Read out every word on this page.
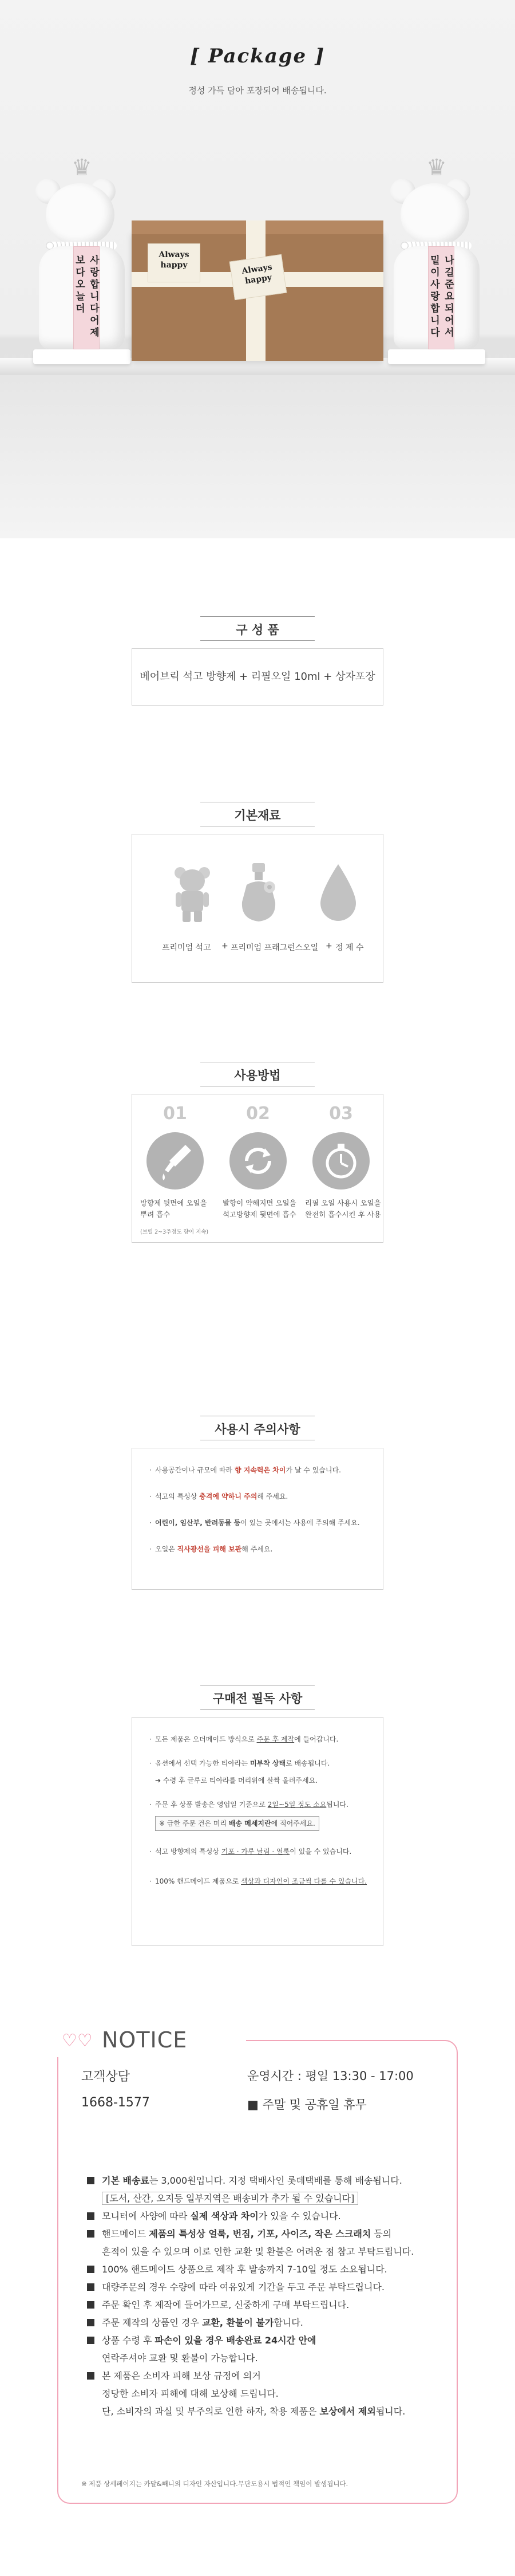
[ Package ]
정성 가득 담아 포장되어 배송됩니다.
♛
사랑합니다어제보다오늘더
♛
나길준요되어서밑이사랑합니다
Always happy	Always happy
구 성 품
베어브릭 석고 방향제 + 리필오일 10ml + 상자포장
기본재료
프리미엄 석고 + 프리미엄 프래그런스오일 + 정 제 수
사용방법
01	02	03
방향제 뒷면에 오일을
뿌려 흡수
(브릴 2~3주정도 향이 지속)
발향이 약해지면 오일을
석고방향제 뒷면에 흡수
리필 오일 사용시 오일을
완전히 흡수시킨 후 사용
사용시 주의사항
· 사용공간이나 규모에 따라 향 지속력은 차이가 날 수 있습니다.
· 석고의 특성상 충격에 약하니 주의해 주세요.
· 어린이, 임산부, 반려동물 등이 있는 곳에서는 사용에 주의해 주세요.
· 오일은 직사광선을 피해 보관해 주세요.
구매전 필독 사항
· 모든 제품은 오더메이드 방식으로 주문 후 제작에 들어갑니다.
· 옵션에서 선택 가능한 티아라는 미부착 상태로 배송됩니다.
➔ 수령 후 글루로 티아라를 머리위에 살짝 올려주세요.
· 주문 후 상품 발송은 영업일 기준으로 2일~5일 정도 소요됩니다.
※ 급한 주문 건은 미리 배송 메세지란에 적어주세요.
· 석고 방향제의 특성상 기포 · 가루 날림 · 얼룩이 있을 수 있습니다.
· 100% 핸드메이드 제품으로 색상과 디자인이 조금씩 다를 수 있습니다.
고객상담
1668-1577
운영시간 : 평일 13:30 - 17:00
■ 주말 및 공휴일 휴무
기본 배송료는 3,000원입니다. 지정 택배사인 롯데택배를 통해 배송됩니다.
[도서, 산간, 오지등 일부지역은 배송비가 추가 될 수 있습니다]
모니터에 사양에 따라 실제 색상과 차이가 있을 수 있습니다.
핸드메이드 제품의 특성상 얼룩, 번짐, 기포, 사이즈, 작은 스크래치 등의
흔적이 있을 수 있으며 이로 인한 교환 및 환불은 어려운 점 참고 부탁드립니다.
100% 핸드메이드 상품으로 제작 후 발송까지 7-10일 정도 소요됩니다.
대량주문의 경우 수량에 따라 여유있게 기간을 두고 주문 부탁드립니다.
주문 확인 후 제작에 들어가므로, 신중하게 구매 부탁드립니다.
주문 제작의 상품인 경우 교환, 환불이 불가합니다.
상품 수령 후 파손이 있을 경우 배송완료 24시간 안에
연락주셔야 교환 및 환불이 가능합니다.
본 제품은 소비자 피해 보상 규정에 의거
정당한 소비자 피해에 대해 보상해 드립니다.
단, 소비자의 과실 및 부주의로 인한 하자, 착용 제품은 보상에서 제외됩니다.
※ 제품 상세페이지는 카달&빼니의 디자인 자산입니다.무단도용시 법적인 책임이 발생됩니다.
♡♡ NOTICE
